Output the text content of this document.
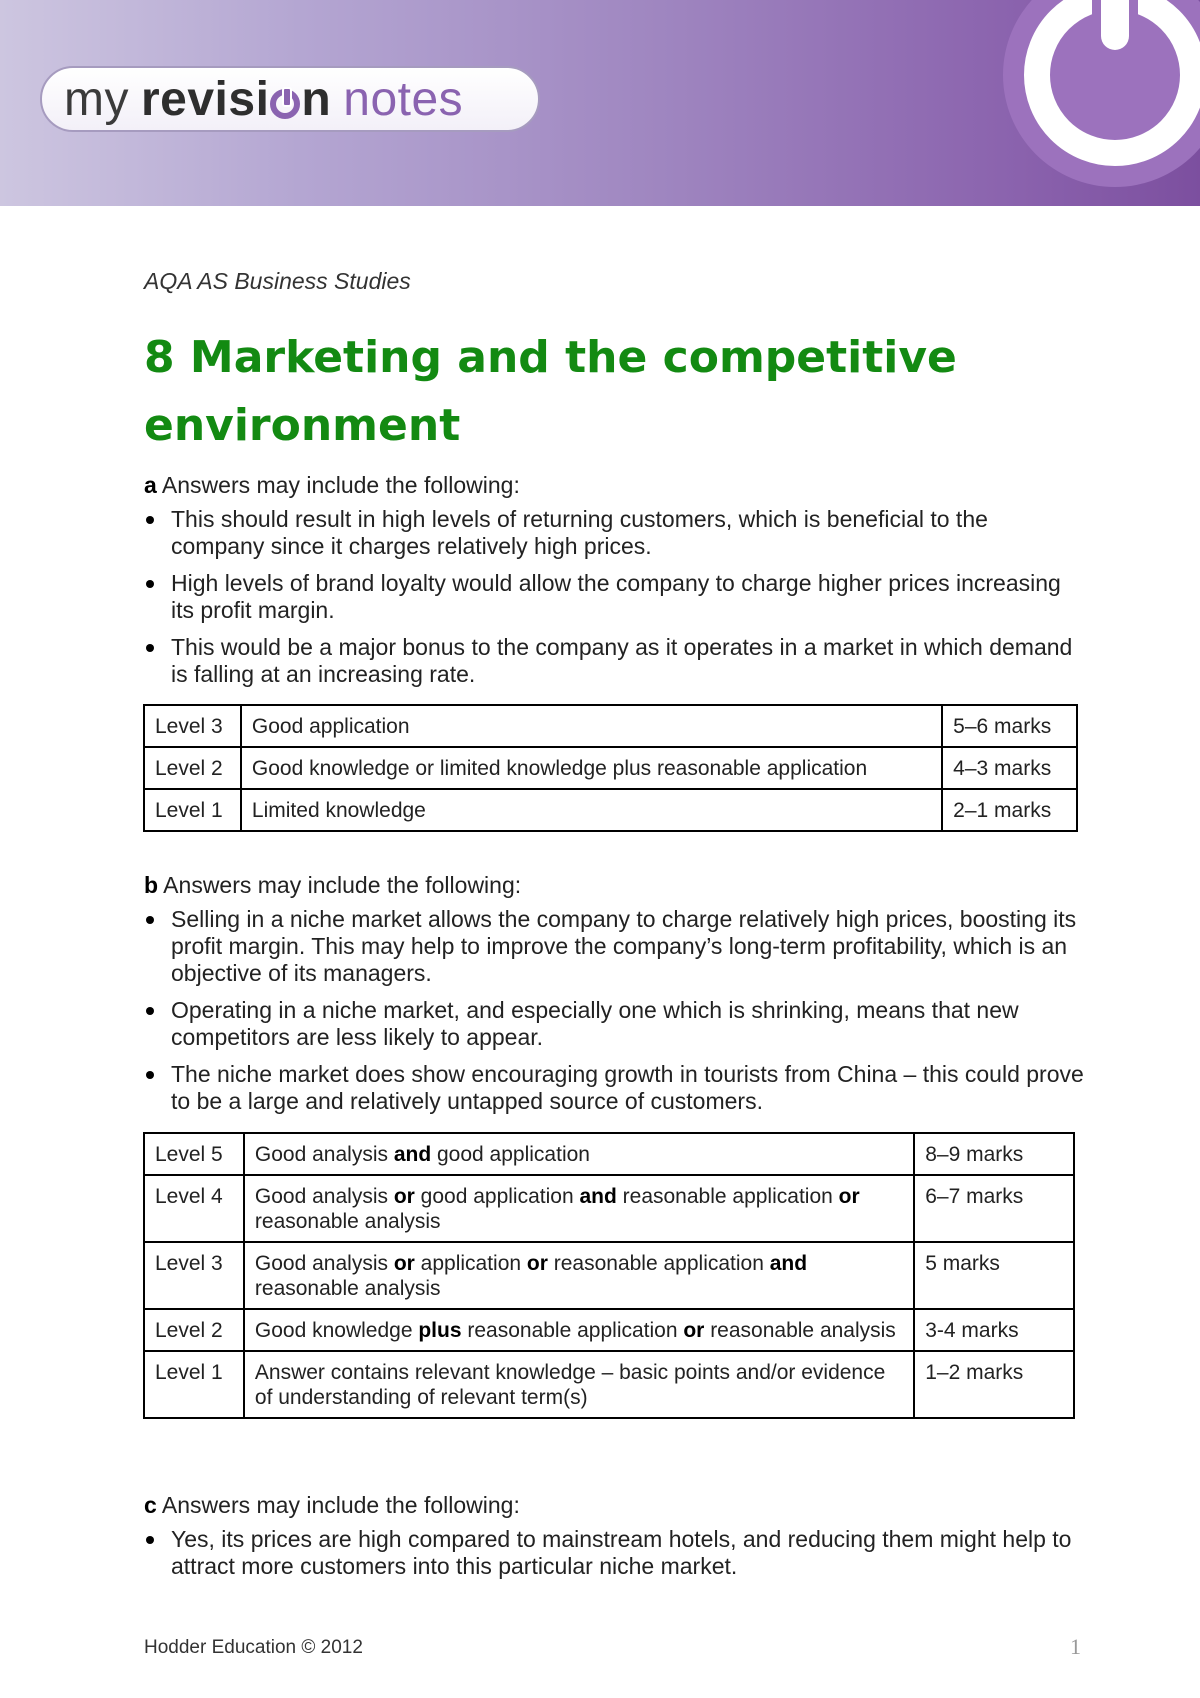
my revisi n notes
AQA AS Business Studies
8 Marketing and the competitive environment
a Answers may include the following:
This should result in high levels of returning customers, which is beneficial to the company since it charges relatively high prices.
High levels of brand loyalty would allow the company to charge higher prices increasing its profit margin.
This would be a major bonus to the company as it operates in a market in which demand is falling at an increasing rate.
Level 3	Good application	5–6 marks
Level 2	Good knowledge or limited knowledge plus reasonable application	4–3 marks
Level 1	Limited knowledge	2–1 marks
b Answers may include the following:
Selling in a niche market allows the company to charge relatively high prices, boosting its profit margin. This may help to improve the company’s long-term profitability, which is an objective of its managers.
Operating in a niche market, and especially one which is shrinking, means that new competitors are less likely to appear.
The niche market does show encouraging growth in tourists from China – this could prove to be a large and relatively untapped source of customers.
Level 5	Good analysis and good application	8–9 marks
Level 4	Good analysis or good application and reasonable application or reasonable analysis	6–7 marks
Level 3	Good analysis or application or reasonable application and reasonable analysis	5 marks
Level 2	Good knowledge plus reasonable application or reasonable analysis	3-4 marks
Level 1	Answer contains relevant knowledge – basic points and/or evidence of understanding of relevant term(s)	1–2 marks
c Answers may include the following:
Yes, its prices are high compared to mainstream hotels, and reducing them might help to attract more customers into this particular niche market.
Hodder Education © 2012	1
